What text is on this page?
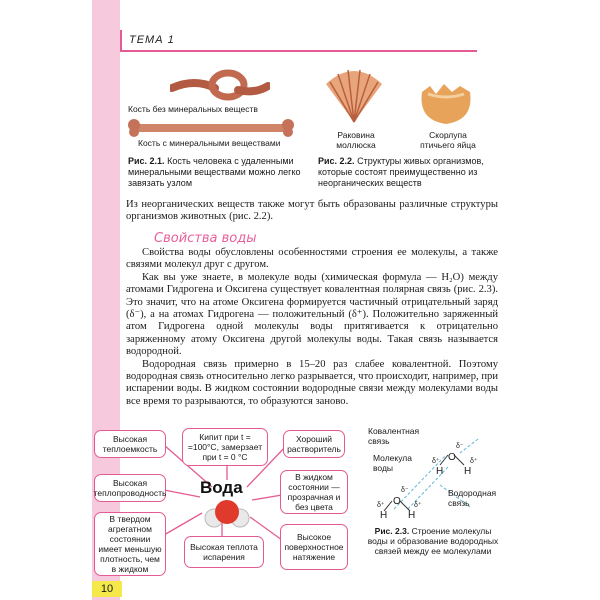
ТЕМА 1
Кость без минеральных веществ
Кость с минеральными веществами
Рис. 2.1. Кость человека с удаленными минеральными веществами можно легко завязать узлом
Раковина моллюска
Скорлупа птичьего яйца
Рис. 2.2. Структуры живых организмов, которые состоят преимущественно из неорганических веществ
Из неорганических веществ также могут быть образованы различные структуры организмов животных (рис. 2.2).
Свойства воды
Свойства воды обусловлены особенностями строения ее молекулы, а также связями молекул друг с другом.
Как вы уже знаете, в молекуле воды (химическая формула — H₂O) между атомами Гидрогена и Оксигена существует ковалентная полярная связь (рис. 2.3). Это значит, что на атоме Оксигена формируется частичный отрицательный заряд (δ⁻), а на атомах Гидрогена — положительный (δ⁺). Положительно заряженный атом Гидрогена одной молекулы воды притягивается к отрицательно заряженному атому Оксигена другой молекулы воды. Такая связь называется водородной.
Водородная связь примерно в 15–20 раз слабее ковалентной. Поэтому водородная связь относительно легко разрывается, что происходит, например, при испарении воды. В жидком состоянии водородные связи между молекулами воды все время то разрываются, то образуются заново.
Высокая теплоемкость
Кипит при t = =100°C, замерзает при t = 0 °C
Хороший растворитель
Высокая теплопроводность Вода
В жидком состоянии — прозрачная и без цвета
В твердом агрегатном состоянии имеет меньшую плотность, чем в жидком
Высокая теплота испарения
Высокое поверхностное натяжение
Ковалентная связь
Молекула воды
Водородная связь
O
H H
δ⁻
δ⁺	δ⁺
O
H H
δ⁻
δ⁺	δ⁺
Рис. 2.3. Строение молекулы воды и образование водородных связей между ее молекулами
10
